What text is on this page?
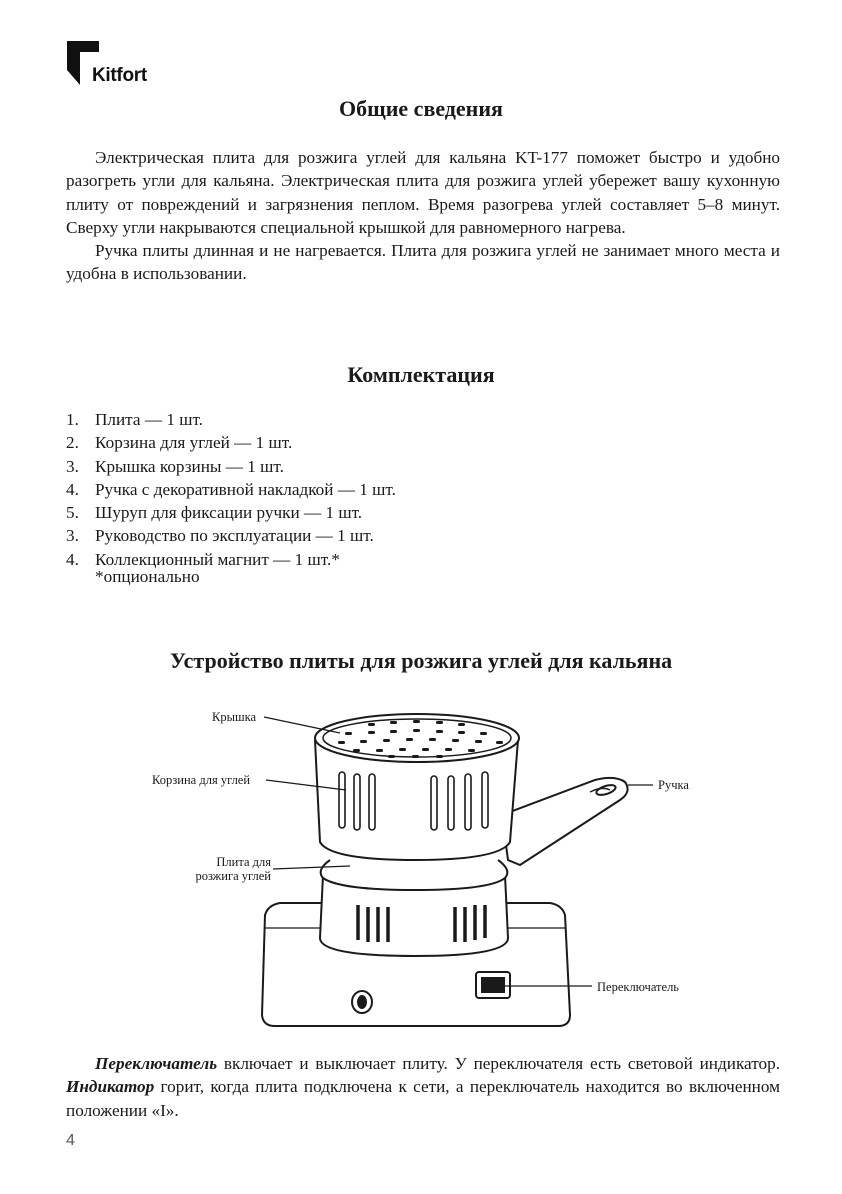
Kitfort
Общие сведения

Электрическая плита для розжига углей для кальяна KT-177 поможет быстро и удобно разогреть угли для кальяна. Электрическая плита для розжига углей убережет вашу кухонную плиту от повреждений и загрязнения пеплом. Время разогрева углей составляет 5–8 минут. Сверху угли накрываются специальной крышкой для равномерного нагрева.

Ручка плиты длинная и не нагревается. Плита для розжига углей не занимает много места и удобна в использовании.

Комплектация
1. Плита — 1 шт.
2. Корзина для углей — 1 шт.
3. Крышка корзины — 1 шт.
4. Ручка с декоративной накладкой — 1 шт.
5. Шуруп для фиксации ручки — 1 шт.
3. Руководство по эксплуатации — 1 шт.
4. Коллекционный магнит — 1 шт.*
*опционально
Устройство плиты для розжига углей для кальяна
Крышка
Корзина для углей
Плита для
розжига углей
Ручка
Переключатель

Переключатель включает и выключает плиту. У переключателя есть световой индикатор. Индикатор горит, когда плита подключена к сети, а переключатель находится во включенном положении «I».

4
